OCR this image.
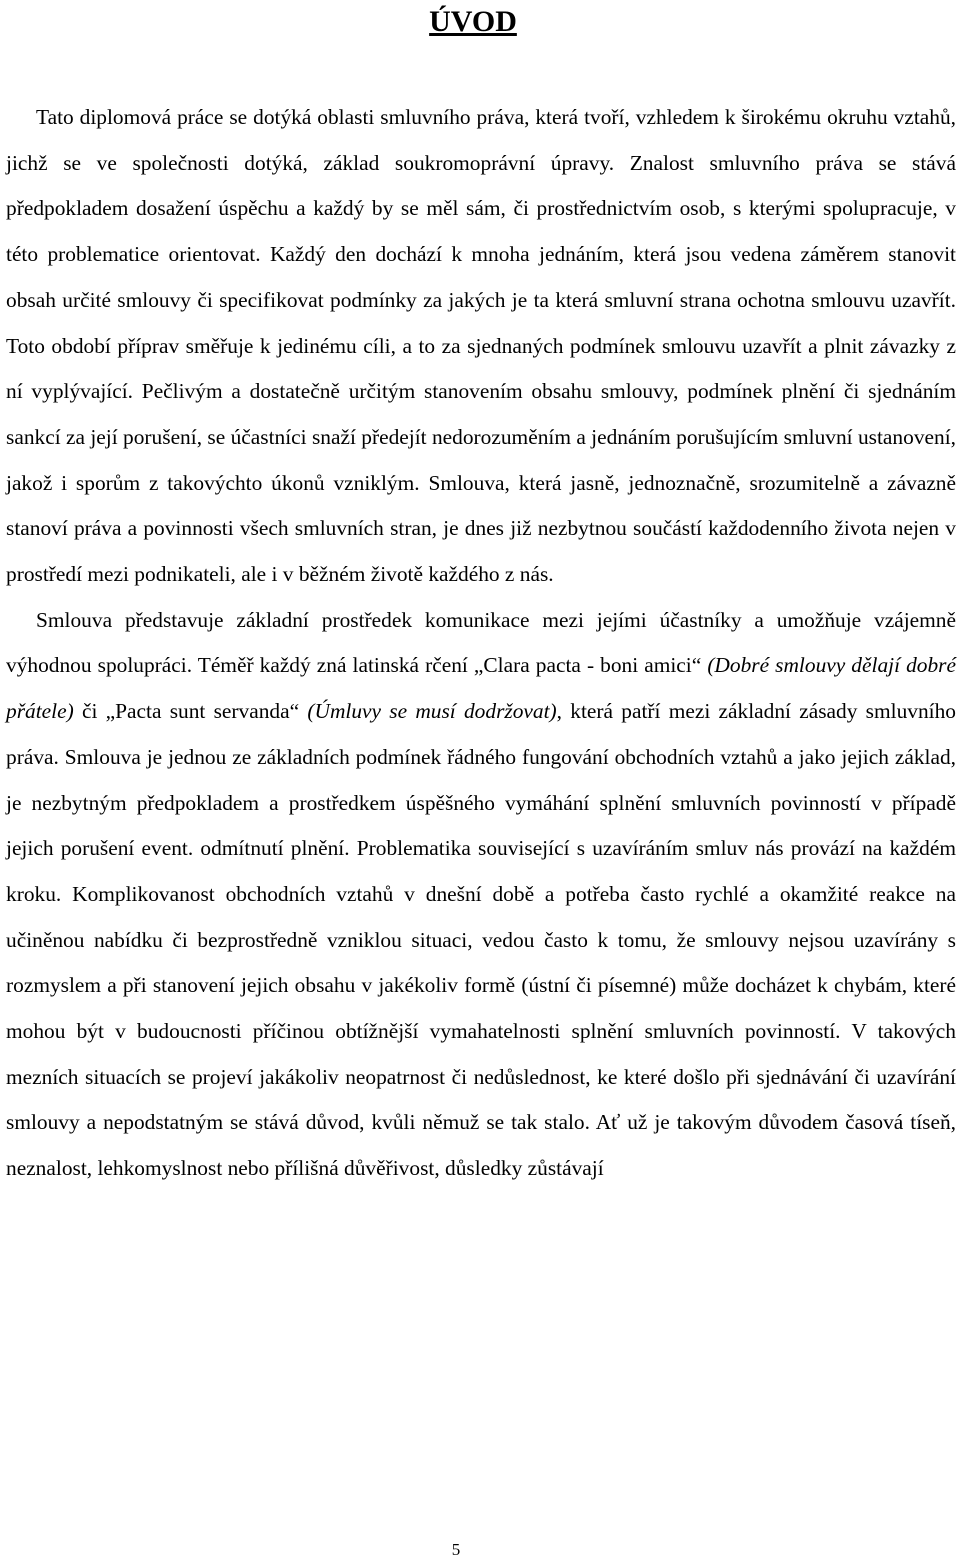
ÚVOD

Tato diplomová práce se dotýká oblasti smluvního práva, která tvoří, vzhledem k širokému okruhu vztahů, jichž se ve společnosti dotýká, základ soukromoprávní úpravy. Znalost smluvního práva se stává předpokladem dosažení úspěchu a každý by se měl sám, či prostřednictvím osob, s kterými spolupracuje, v této problematice orientovat. Každý den dochází k mnoha jednáním, která jsou vedena záměrem stanovit obsah určité smlouvy či specifikovat podmínky za jakých je ta která smluvní strana ochotna smlouvu uzavřít. Toto období příprav směřuje k jedinému cíli, a to za sjednaných podmínek smlouvu uzavřít a plnit závazky z ní vyplývající. Pečlivým a dostatečně určitým stanovením obsahu smlouvy, podmínek plnění či sjednáním sankcí za její porušení, se účastníci snaží předejít nedorozuměním a jednáním porušujícím smluvní ustanovení, jakož i sporům z takovýchto úkonů vzniklým. Smlouva, která jasně, jednoznačně, srozumitelně a závazně stanoví práva a povinnosti všech smluvních stran, je dnes již nezbytnou součástí každodenního života nejen v prostředí mezi podnikateli, ale i v běžném životě každého z nás.

Smlouva představuje základní prostředek komunikace mezi jejími účastníky a umožňuje vzájemně výhodnou spolupráci. Téměř každý zná latinská rčení „Clara pacta - boni amici“ (Dobré smlouvy dělají dobré přátele) či „Pacta sunt servanda“ (Úmluvy se musí dodržovat), která patří mezi základní zásady smluvního práva. Smlouva je jednou ze základních podmínek řádného fungování obchodních vztahů a jako jejich základ, je nezbytným předpokladem a prostředkem úspěšného vymáhání splnění smluvních povinností v případě jejich porušení event. odmítnutí plnění. Problematika související s uzavíráním smluv nás provází na každém kroku. Komplikovanost obchodních vztahů v dnešní době a potřeba často rychlé a okamžité reakce na učiněnou nabídku či bezprostředně vzniklou situaci, vedou často k tomu, že smlouvy nejsou uzavírány s rozmyslem a při stanovení jejich obsahu v jakékoliv formě (ústní či písemné) může docházet k chybám, které mohou být v budoucnosti příčinou obtížnější vymahatelnosti splnění smluvních povinností. V takových mezních situacích se projeví jakákoliv neopatrnost či nedůslednost, ke které došlo při sjednávání či uzavírání smlouvy a nepodstatným se stává důvod, kvůli němuž se tak stalo. Ať už je takovým důvodem časová tíseň, neznalost, lehkomyslnost nebo přílišná důvěřivost, důsledky zůstávají

5
